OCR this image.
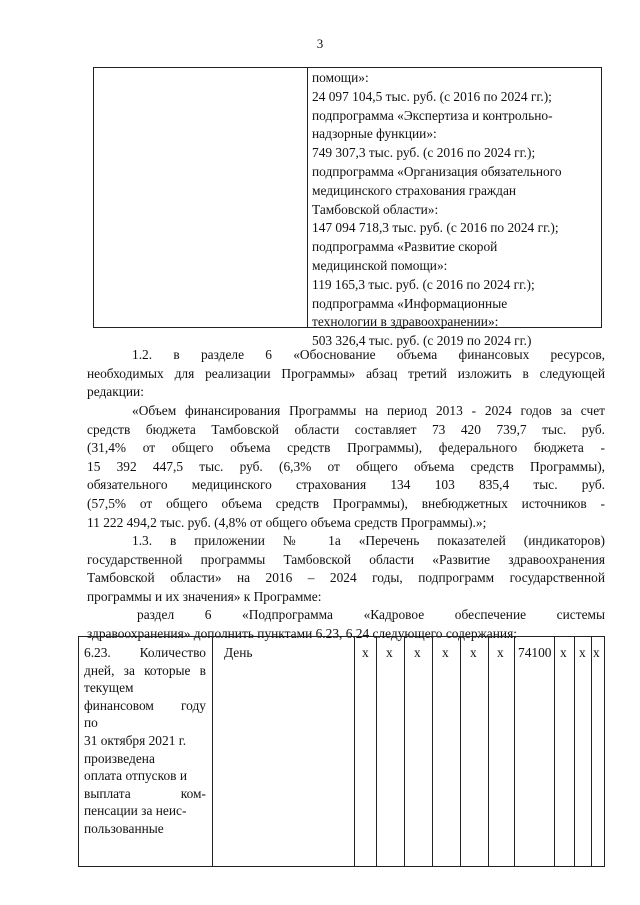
3
помощи»:
24 097 104,5 тыс. руб. (с 2016 по 2024 гг.);
подпрограмма «Экспертиза и контрольно-
надзорные функции»:
749 307,3 тыс. руб. (с 2016 по 2024 гг.);
подпрограмма «Организация обязательного
медицинского страхования граждан
Тамбовской области»:
147 094 718,3 тыс. руб. (с 2016 по 2024 гг.);
подпрограмма «Развитие скорой
медицинской помощи»:
119 165,3 тыс. руб. (с 2016 по 2024 гг.);
подпрограмма «Информационные
технологии в здравоохранении»:
503 326,4 тыс. руб. (с 2019 по 2024 гг.)
1.2. в разделе 6 «Обоснование объема финансовых ресурсов,
необходимых для реализации Программы» абзац третий изложить в следующей
редакции:
«Объем финансирования Программы на период 2013 - 2024 годов за счет
средств бюджета Тамбовской области составляет 73 420 739,7 тыс. руб.
(31,4% от общего объема средств Программы), федерального бюджета -
15 392 447,5 тыс. руб. (6,3% от общего объема средств Программы),
обязательного медицинского страхования 134 103 835,4 тыс. руб.
(57,5% от общего объема средств Программы), внебюджетных источников -
11 222 494,2 тыс. руб. (4,8% от общего объема средств Программы).»;
1.3. в приложении № 1а «Перечень показателей (индикаторов)
государственной программы Тамбовской области «Развитие здравоохранения
Тамбовской области» на 2016 – 2024 годы, подпрограмм государственной
программы и их значения» к Программе:
раздел 6 «Подпрограмма «Кадровое обеспечение системы
здравоохранения» дополнить пунктами 6.23, 6.24 следующего содержания:
6.23. Количество
дней, за которые в
текущем
финансовом году
по
31 октября 2021 г.
произведена
оплата отпусков и
выплата ком-
пенсации за неис-
пользованные
День	x x x x x x 74100 x x x
